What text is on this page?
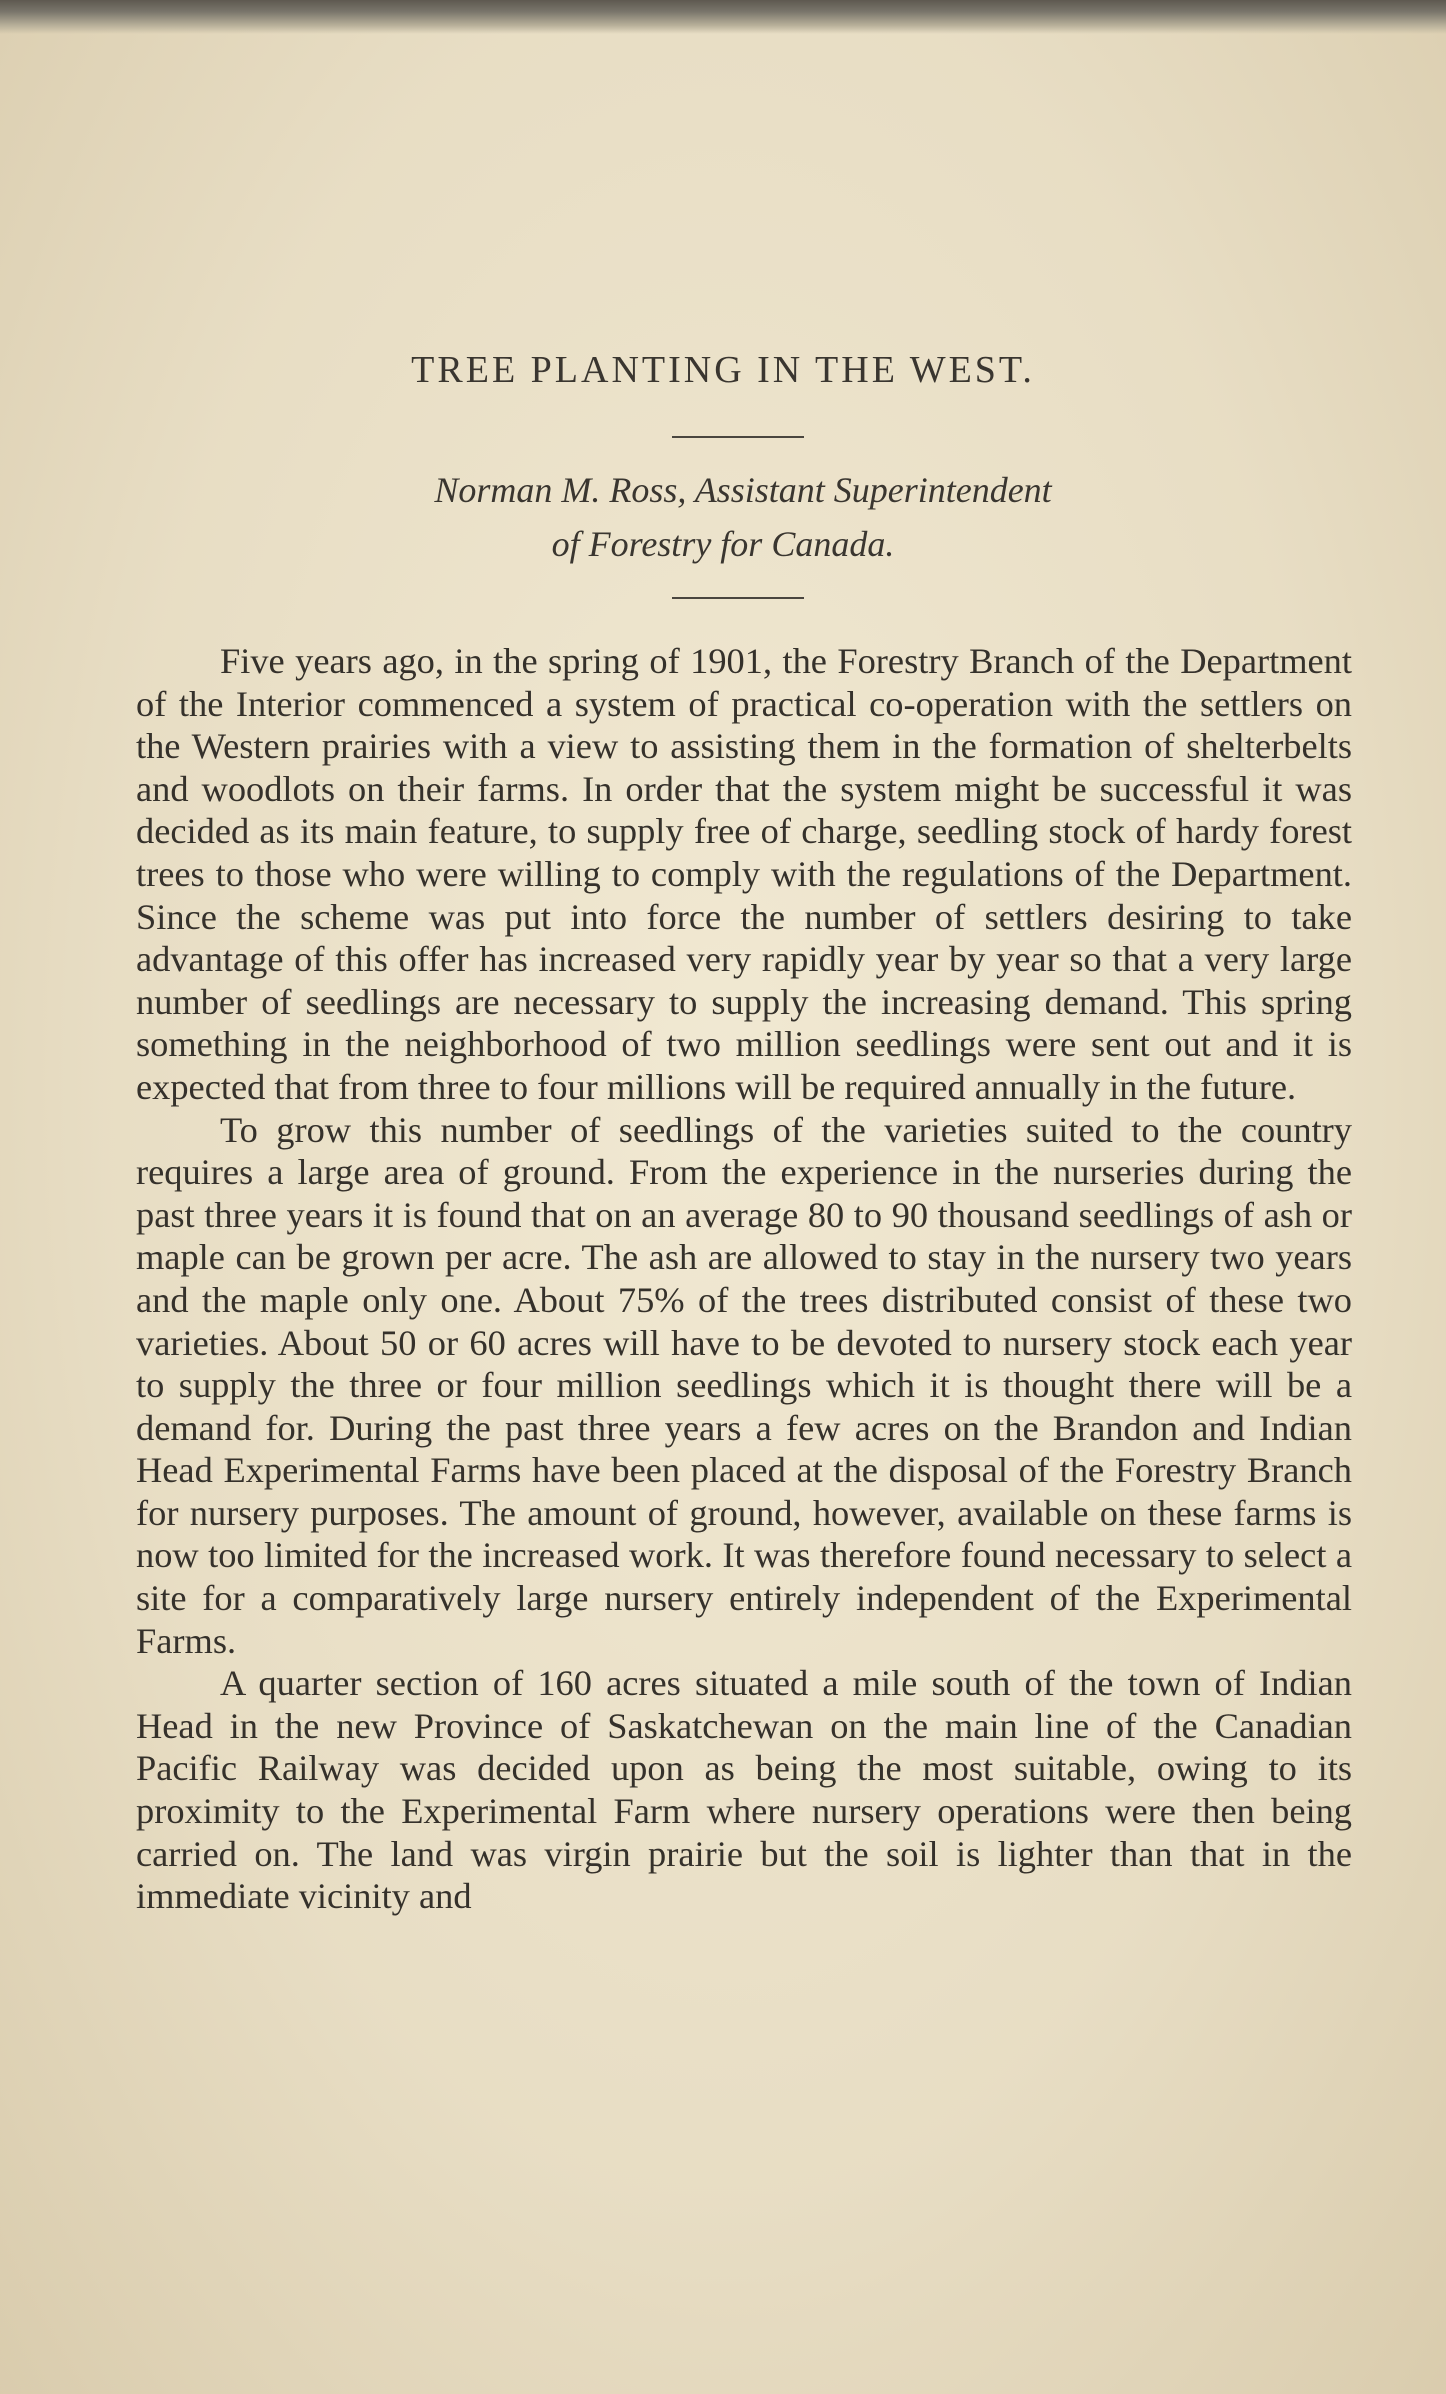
TREE PLANTING IN THE WEST.
Norman M. Ross, Assistant Superintendent
of Forestry for Canada.

Five years ago, in the spring of 1901, the Forestry Branch of the Department of the Interior commenced a system of practical co-operation with the settlers on the Western prairies with a view to assisting them in the formation of shelterbelts and woodlots on their farms. In order that the system might be successful it was decided as its main feature, to supply free of charge, seedling stock of hardy forest trees to those who were willing to comply with the regulations of the Department. Since the scheme was put into force the number of settlers desiring to take advantage of this offer has increased very rapidly year by year so that a very large number of seedlings are necessary to supply the increasing demand. This spring something in the neighborhood of two million seedlings were sent out and it is expected that from three to four millions will be required annually in the future.

To grow this number of seedlings of the varieties suited to the country requires a large area of ground. From the experience in the nurseries during the past three years it is found that on an average 80 to 90 thousand seedlings of ash or maple can be grown per acre. The ash are allowed to stay in the nursery two years and the maple only one. About 75% of the trees distributed consist of these two varieties. About 50 or 60 acres will have to be devoted to nursery stock each year to supply the three or four million seedlings which it is thought there will be a demand for. During the past three years a few acres on the Brandon and Indian Head Experimental Farms have been placed at the disposal of the Forestry Branch for nursery purposes. The amount of ground, however, available on these farms is now too limited for the increased work. It was therefore found necessary to select a site for a comparatively large nursery entirely independent of the Experimental Farms.

A quarter section of 160 acres situated a mile south of the town of Indian Head in the new Province of Saskatchewan on the main line of the Canadian Pacific Railway was decided upon as being the most suitable, owing to its proximity to the Experimental Farm where nursery operations were then being carried on. The land was virgin prairie but the soil is lighter than that in the immediate vicinity and
